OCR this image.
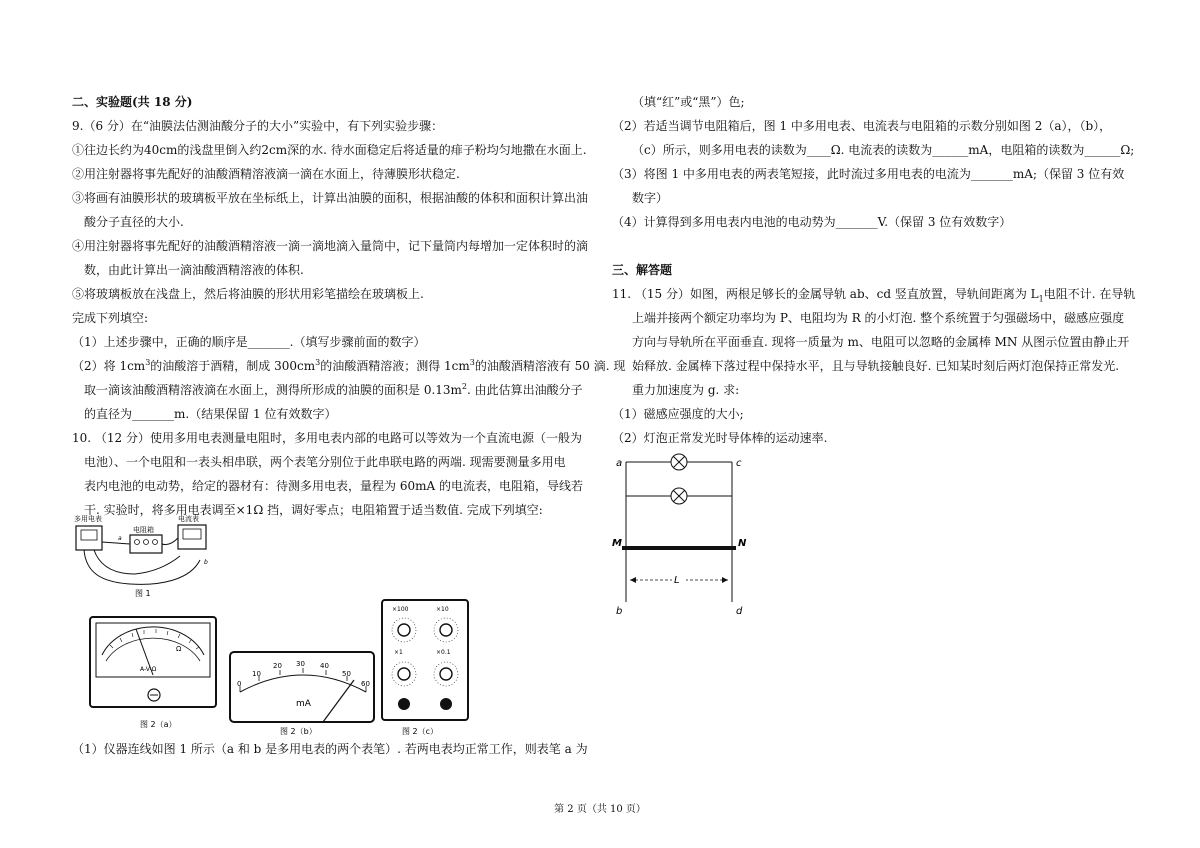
二、实验题(共 18 分)
9.（6 分）在“油膜法估测油酸分子的大小”实验中，有下列实验步骤：
①往边长约为40cm的浅盘里倒入约2cm深的水. 待水面稳定后将适量的痱子粉均匀地撒在水面上.
②用注射器将事先配好的油酸酒精溶液滴一滴在水面上，待薄膜形状稳定.
③将画有油膜形状的玻璃板平放在坐标纸上，计算出油膜的面积，根据油酸的体积和面积计算出油
酸分子直径的大小.
④用注射器将事先配好的油酸酒精溶液一滴一滴地滴入量筒中，记下量筒内每增加一定体积时的滴
数，由此计算出一滴油酸酒精溶液的体积.
⑤将玻璃板放在浅盘上，然后将油膜的形状用彩笔描绘在玻璃板上.
完成下列填空:
（1）上述步骤中，正确的顺序是_______.（填写步骤前面的数字）
（2）将 $1cm^3$的油酸溶于酒精，制成 $300cm^3$的油酸酒精溶液；测得 $1cm^3$的油酸酒精溶液有 50 滴. 现
取一滴该油酸酒精溶液滴在水面上，测得所形成的油膜的面积是 $0.13m^2$. 由此估算出油酸分子
的直径为_______m.（结果保留 1 位有效数字）
10. （12 分）使用多用电表测量电阻时，多用电表内部的电路可以等效为一个直流电源（一般为
电池）、一个电阻和一表头相串联，两个表笔分别位于此串联电路的两端. 现需要测量多用电
表内电池的电动势，给定的器材有：待测多用电表，量程为 60mA 的电流表，电阻箱，导线若
干. 实验时，将多用电表调至×1Ω 挡，调好零点；电阻箱置于适当数值. 完成下列填空:
（1）仪器连线如图 1 所示（a 和 b 是多用电表的两个表笔）. 若两电表均正常工作，则表笔 a 为
多用电表
电阻箱
电流表
a
b
图 1
Ω
A-V-Ω
图 2（a）
0
10
20 30 40
50
60
mA
图 2（b）
×100	×10
×1	×0.1
图 2（c）
（填“红”或“黑”）色;
（2）若适当调节电阻箱后，图 1 中多用电表、电流表与电阻箱的示数分别如图 2（a），（b），
（c）所示，则多用电表的读数为____Ω. 电流表的读数为______mA，电阻箱的读数为______Ω;
（3）将图 1 中多用电表的两表笔短接，此时流过多用电表的电流为_______mA;（保留 3 位有效
数字）
（4）计算得到多用电表内电池的电动势为_______V.（保留 3 位有效数字）
三、解答题
11. （15 分）如图，两根足够长的金属导轨 ab、cd 竖直放置，导轨间距离为 $L_1$电阻不计. 在导轨
上端并接两个额定功率均为 P、电阻均为 R 的小灯泡. 整个系统置于匀强磁场中，磁感应强度
方向与导轨所在平面垂直. 现将一质量为 m、电阻可以忽略的金属棒 MN 从图示位置由静止开
始释放. 金属棒下落过程中保持水平，且与导轨接触良好. 已知某时刻后两灯泡保持正常发光.
重力加速度为 g. 求:
（1）磁感应强度的大小;
（2）灯泡正常发光时导体棒的运动速率.
a	c
M	N
L
b	d
第 2 页（共 10 页）
